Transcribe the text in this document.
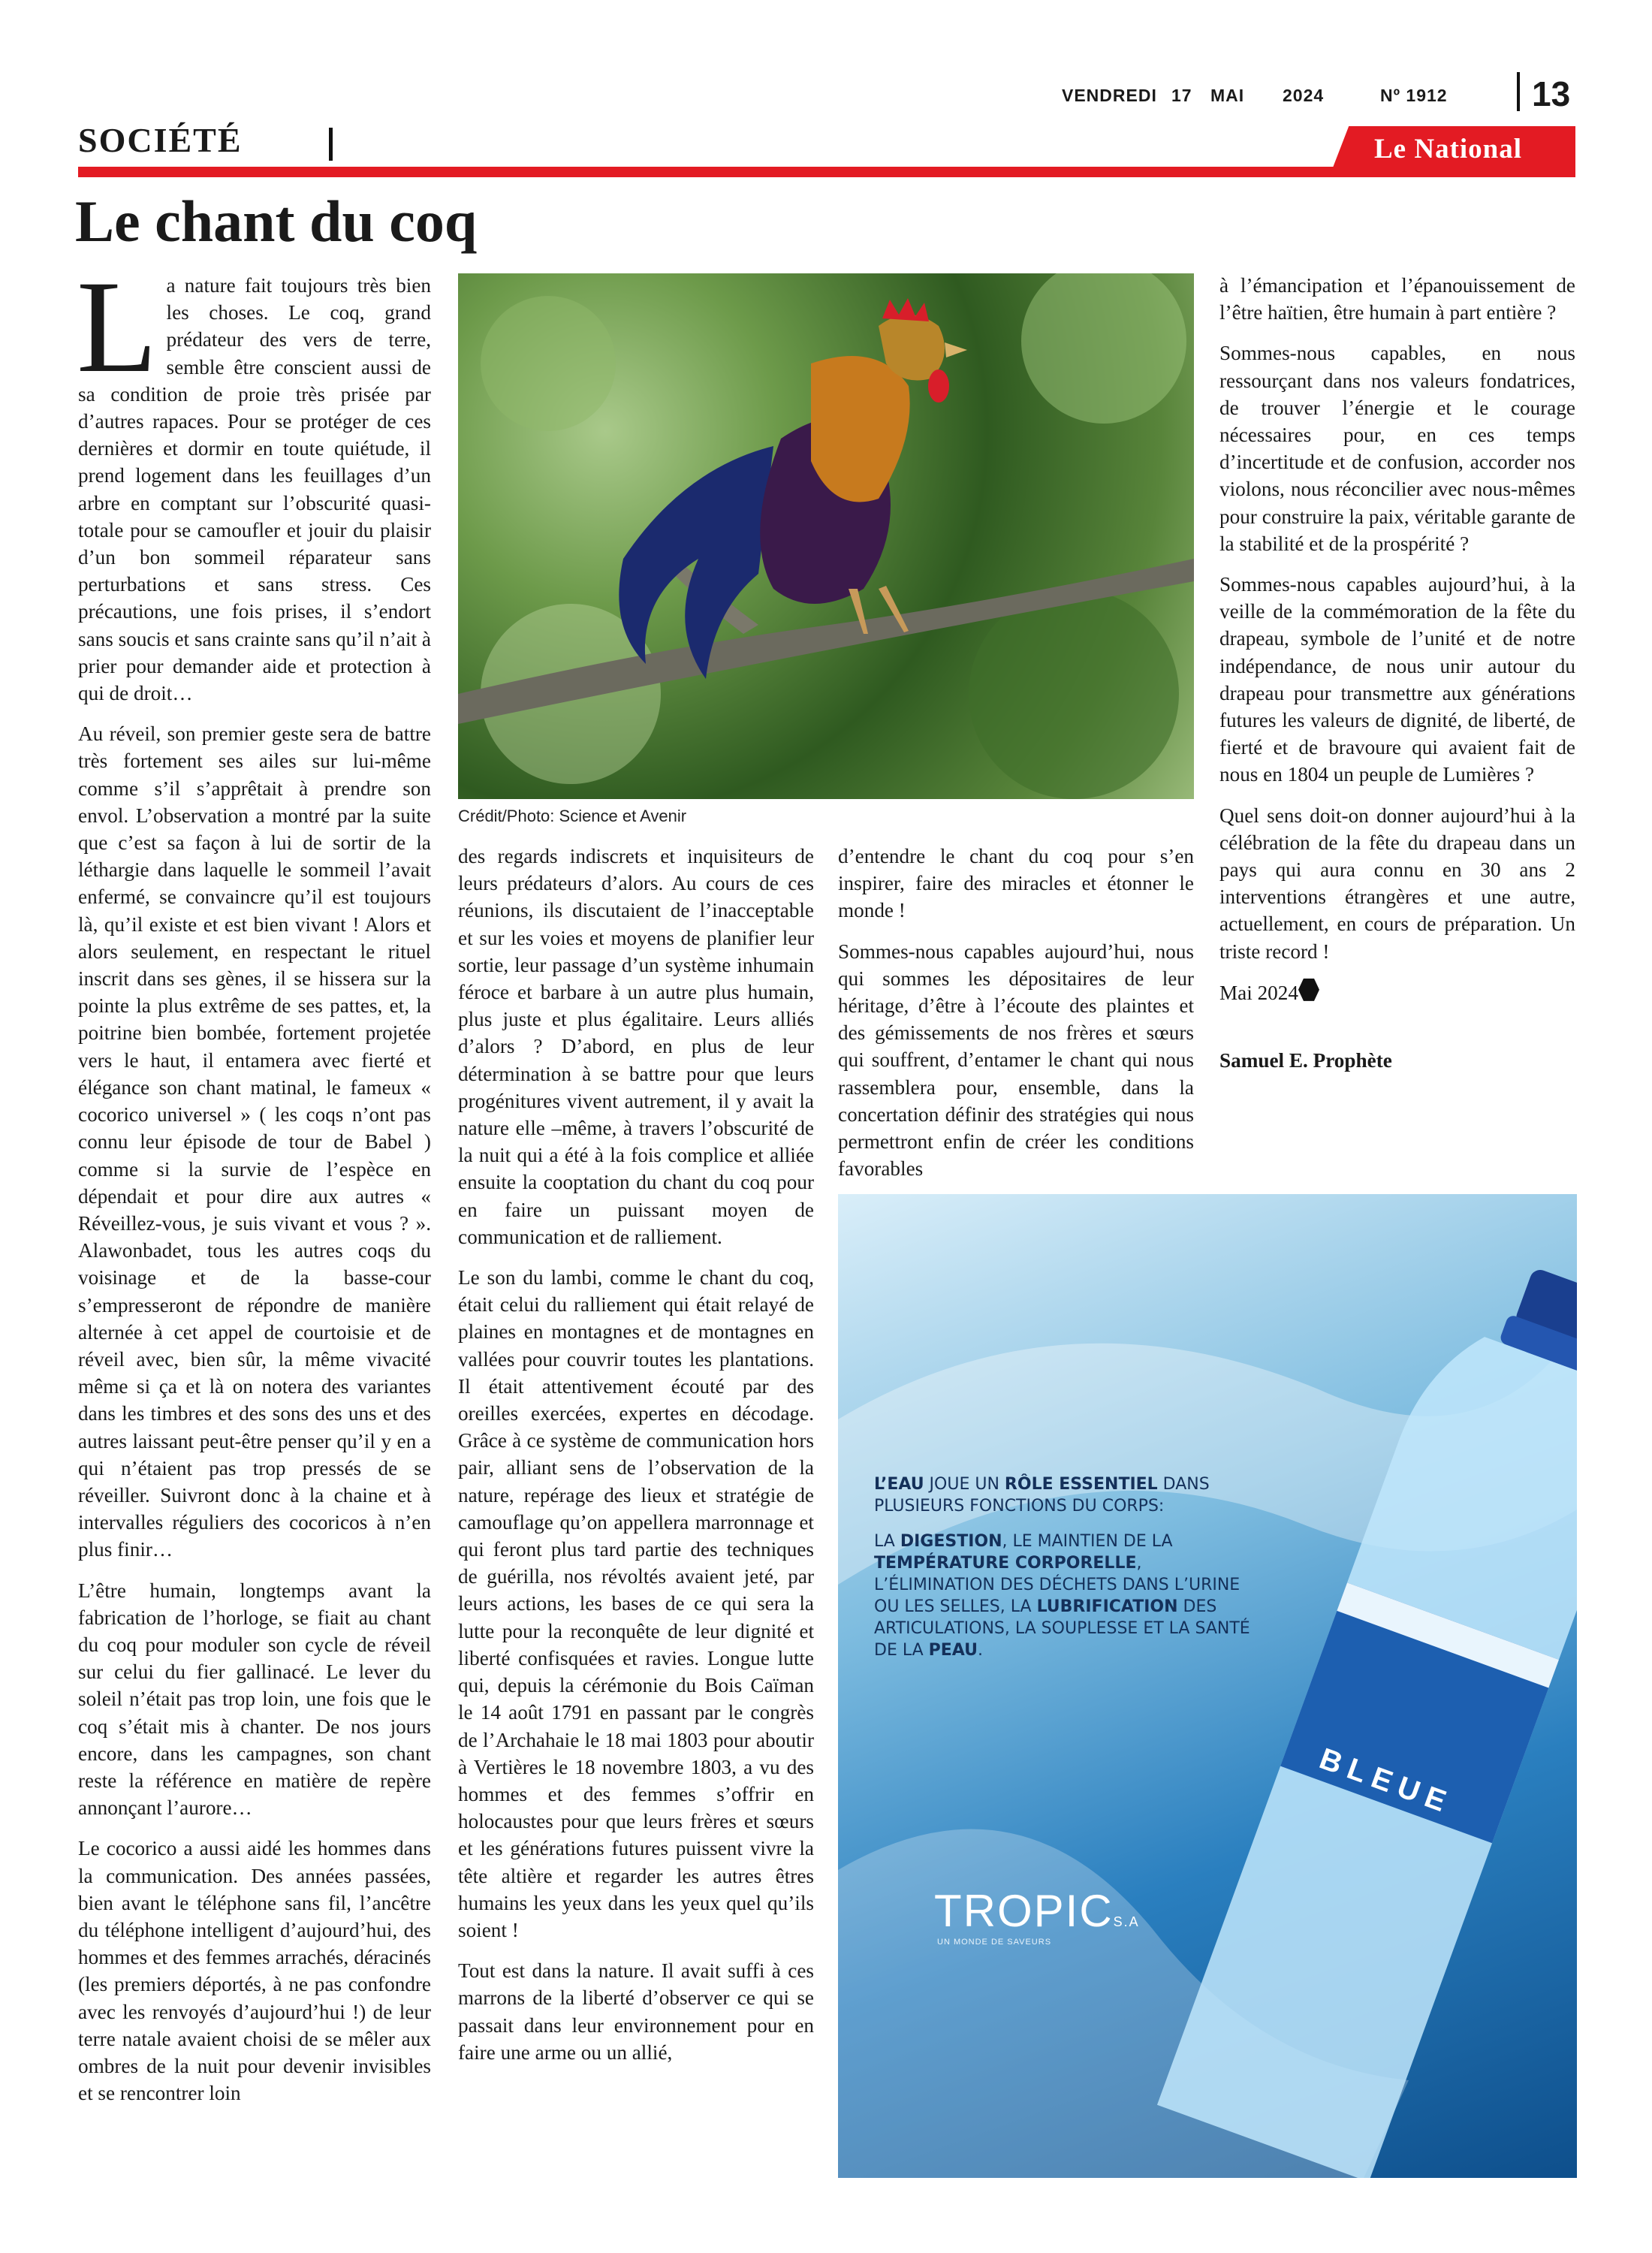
VENDREDI 17 MAI 2024	Nº 1912 13
SOCIÉTÉ	Le National
Le chant du coq

La nature fait toujours très bien les choses. Le coq, grand prédateur des vers de terre, semble être conscient aussi de sa condition de proie très prisée par d’autres rapaces. Pour se protéger de ces dernières et dormir en toute quiétude, il prend logement dans les feuillages d’un arbre en comptant sur l’obscurité quasi-totale pour se camoufler et jouir du plaisir d’un bon sommeil réparateur sans perturbations et sans stress. Ces précautions, une fois prises, il s’endort sans soucis et sans crainte sans qu’il n’ait à prier pour demander aide et protection à qui de droit…

Au réveil, son premier geste sera de battre très fortement ses ailes sur lui-même comme s’il s’apprêtait à prendre son envol. L’observation a montré par la suite que c’est sa façon à lui de sortir de la léthargie dans laquelle le sommeil l’avait enfermé, se convaincre qu’il est toujours là, qu’il existe et est bien vivant ! Alors et alors seulement, en respectant le rituel inscrit dans ses gènes, il se hissera sur la pointe la plus extrême de ses pattes, et, la poitrine bien bombée, fortement projetée vers le haut, il entamera avec fierté et élégance son chant matinal, le fameux « cocorico universel » ( les coqs n’ont pas connu leur épisode de tour de Babel ) comme si la survie de l’espèce en dépendait et pour dire aux autres « Réveillez-vous, je suis vivant et vous ? ». Alawonbadet, tous les autres coqs du voisinage et de la basse-cour s’empresseront de répondre de manière alternée à cet appel de courtoisie et de réveil avec, bien sûr, la même vivacité même si ça et là on notera des variantes dans les timbres et des sons des uns et des autres laissant peut-être penser qu’il y en a qui n’étaient pas trop pressés de se réveiller. Suivront donc à la chaine et à intervalles réguliers des cocoricos à n’en plus finir…

L’être humain, longtemps avant la fabrication de l’horloge, se fiait au chant du coq pour moduler son cycle de réveil sur celui du fier gallinacé. Le lever du soleil n’était pas trop loin, une fois que le coq s’était mis à chanter. De nos jours encore, dans les campagnes, son chant reste la référence en matière de repère annonçant l’aurore…

Le cocorico a aussi aidé les hommes dans la communication. Des années passées, bien avant le téléphone sans fil, l’ancêtre du téléphone intelligent d’aujourd’hui, des hommes et des femmes arrachés, déracinés (les premiers déportés, à ne pas confondre avec les renvoyés d’aujourd’hui !) de leur terre natale avaient choisi de se mêler aux ombres de la nuit pour devenir invisibles et se rencontrer loin

Crédit/Photo: Science et Avenir

des regards indiscrets et inquisiteurs de leurs prédateurs d’alors. Au cours de ces réunions, ils discutaient de l’inacceptable et sur les voies et moyens de planifier leur sortie, leur passage d’un système inhumain féroce et barbare à un autre plus humain, plus juste et plus égalitaire. Leurs alliés d’alors ? D’abord, en plus de leur détermination à se battre pour que leurs progénitures vivent autrement, il y avait la nature elle –même, à travers l’obscurité de la nuit qui a été à la fois complice et alliée ensuite la cooptation du chant du coq pour en faire un puissant moyen de communication et de ralliement.

Le son du lambi, comme le chant du coq, était celui du ralliement qui était relayé de plaines en montagnes et de montagnes en vallées pour couvrir toutes les plantations. Il était attentivement écouté par des oreilles exercées, expertes en décodage. Grâce à ce système de communication hors pair, alliant sens de l’observation de la nature, repérage des lieux et stratégie de camouflage qu’on appellera marronnage et qui feront plus tard partie des techniques de guérilla, nos révoltés avaient jeté, par leurs actions, les bases de ce qui sera la lutte pour la reconquête de leur dignité et liberté confisquées et ravies. Longue lutte qui, depuis la cérémonie du Bois Caïman le 14 août 1791 en passant par le congrès de l’Archahaie le 18 mai 1803 pour aboutir à Vertières le 18 novembre 1803, a vu des hommes et des femmes s’offrir en holocaustes pour que leurs frères et sœurs et les générations futures puissent vivre la tête altière et regarder les autres êtres humains les yeux dans les yeux quel qu’ils soient !

Tout est dans la nature. Il avait suffi à ces marrons de la liberté d’observer ce qui se passait dans leur environnement pour en faire une arme ou un allié,

d’entendre le chant du coq pour s’en inspirer, faire des miracles et étonner le monde !

Sommes-nous capables aujourd’hui, nous qui sommes les dépositaires de leur héritage, d’être à l’écoute des plaintes et des gémissements de nos frères et sœurs qui souffrent, d’entamer le chant qui nous rassemblera pour, ensemble, dans la concertation définir des stratégies qui nous permettront enfin de créer les conditions favorables

à l’émancipation et l’épanouissement de l’être haïtien, être humain à part entière ?

Sommes-nous capables, en nous ressourçant dans nos valeurs fondatrices, de trouver l’énergie et le courage nécessaires pour, en ces temps d’incertitude et de confusion, accorder nos violons, nous réconcilier avec nous-mêmes pour construire la paix, véritable garante de la stabilité et de la prospérité ?

Sommes-nous capables aujourd’hui, à la veille de la commémoration de la fête du drapeau, symbole de l’unité et de notre indépendance, de nous unir autour du drapeau pour transmettre aux générations futures les valeurs de dignité, de liberté, de fierté et de bravoure qui avaient fait de nous en 1804 un peuple de Lumières ?

Quel sens doit-on donner aujourd’hui à la célébration de la fête du drapeau dans un pays qui aura connu en 30 ans 2 interventions étrangères et une autre, actuellement, en cours de préparation. Un triste record !

Mai 2024

Samuel E. Prophète

BLEUE

L’EAU JOUE UN RÔLE ESSENTIEL DANS PLUSIEURS FONCTIONS DU CORPS:

LA DIGESTION, LE MAINTIEN DE LA TEMPÉRATURE CORPORELLE, L’ÉLIMINATION DES DÉCHETS DANS L’URINE OU LES SELLES, LA LUBRIFICATION DES ARTICULATIONS, LA SOUPLESSE ET LA SANTÉ DE LA PEAU.

TROPICS.A
UN MONDE DE SAVEURS
